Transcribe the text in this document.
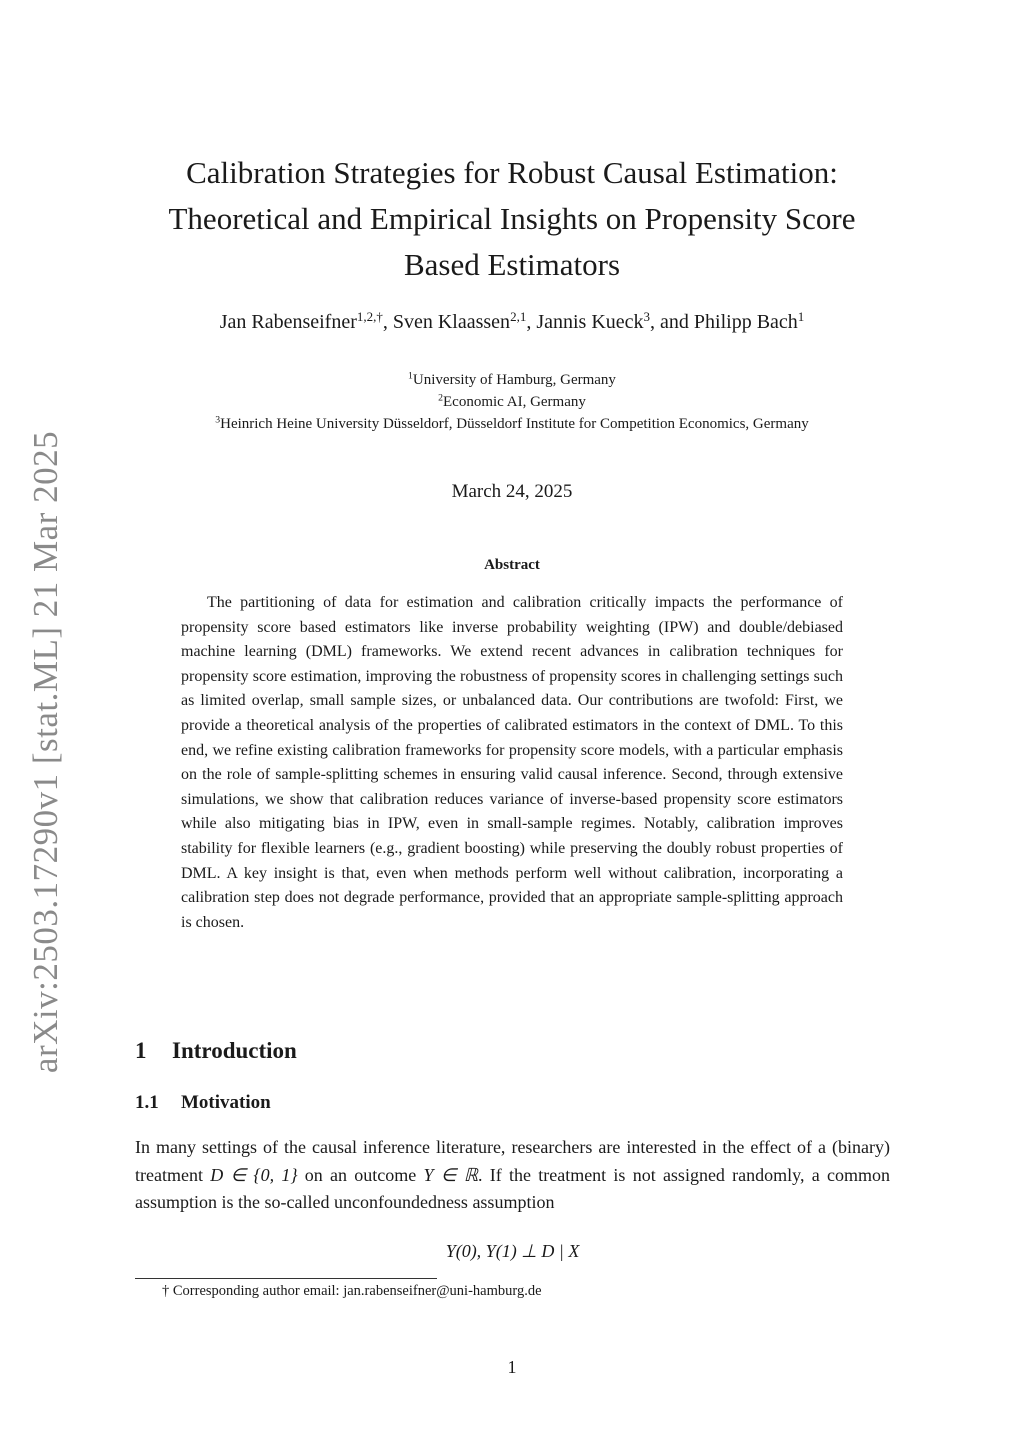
arXiv:2503.17290v1 [stat.ML] 21 Mar 2025
Calibration Strategies for Robust Causal Estimation:
Theoretical and Empirical Insights on Propensity Score
Based Estimators
Jan Rabenseifner$^{1,2,\dagger}$, Sven Klaassen$^{2,1}$, Jannis Kueck$^3$, and Philipp Bach$^1$
$^1$University of Hamburg, Germany
$^2$Economic AI, Germany
$^3$Heinrich Heine University Düsseldorf, Düsseldorf Institute for Competition Economics, Germany
March 24, 2025
Abstract

The partitioning of data for estimation and calibration critically impacts the performance of propensity score based estimators like inverse probability weighting (IPW) and double/debiased machine learning (DML) frameworks. We extend recent advances in calibration techniques for propensity score estimation, improving the robustness of propensity scores in challenging settings such as limited overlap, small sample sizes, or unbalanced data. Our contributions are twofold: First, we provide a theoretical analysis of the properties of calibrated estimators in the context of DML. To this end, we refine existing calibration frameworks for propensity score models, with a particular emphasis on the role of sample-splitting schemes in ensuring valid causal inference. Second, through extensive simulations, we show that calibration reduces variance of inverse-based propensity score estimators while also mitigating bias in IPW, even in small-sample regimes. Notably, calibration improves stability for flexible learners (e.g., gradient boosting) while preserving the doubly robust properties of DML. A key insight is that, even when methods perform well without calibration, incorporating a calibration step does not degrade performance, provided that an appropriate sample-splitting approach is chosen.

1 Introduction
1.1 Motivation

In many settings of the causal inference literature, researchers are interested in the effect of a (binary) treatment D ∈ {0, 1} on an outcome Y ∈ ℝ. If the treatment is not assigned randomly, a common assumption is the so-called unconfoundedness assumption

Y(0), Y(1) ⊥ D | X
† Corresponding author email: jan.rabenseifner@uni-hamburg.de
1
